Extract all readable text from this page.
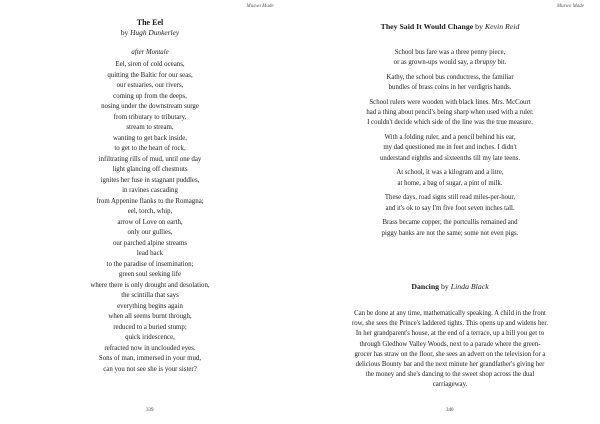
Muswo Made
The Eel
by Hugh Dunkerley
after Montale
Eel, siren of cold oceans,
quitting the Baltic for our seas,
our estuaries, our rivers,
coming up from the deeps,
nosing under the downstream surge
from tributary to tributary,
stream to stream,
wanting to get back inside,
to get to the heart of rock,
infiltrating rills of mud, until one day
light glancing off chestnuts
ignites her fuse in stagnant puddles,
in ravines cascading
from Appenine flanks to the Romagna;
eel, torch, whip,
arrow of Love on earth,
only our gullies,
our parched alpine streams
lead back
to the paradise of insemination;
green soul seeking life
where there is only drought and desolation,
the scintilla that says
everything begins again
when all seems burnt through,
reduced to a buried stump;
quick iridescence,
refracted now in unclouded eyes.
Sons of man, immersed in your mud,
can you not see she is your sister?
339
Muswo Made
They Said It Would Change by Kevin Reid
School bus fare was a three penny piece,
or as grown-ups would say, a thrupny bit.
Kathy, the school bus conductress, the familiar
bundles of brass coins in her verdigris hands.
School rulers were wooden with black lines. Mrs. McCourt
had a thing about pencil's being sharp when used with a ruler.
I couldn't decide which side of the line was the true measure.
With a folding ruler, and a pencil behind his ear,
my dad questioned me in feet and inches. I didn't
understand eighths and sixteenths till my late teens.
At school, it was a kilogram and a litre,
at home, a bag of sugar, a pint of milk.
These days, road signs still read miles-per-hour,
and it's ok to say I'm five foot seven inches tall.
Brass became copper, the portcullis remained and
piggy banks are not the same; some not even pigs.
Dancing by Linda Black
Can be done at any time, mathematically speaking. A child in the front
row, she sees the Prince's laddered tights. This opens up and widens her.
In her grandparent's house, at the end of a terrace, up a hill you get to
through Gledhow Valley Woods, next to a parade where the green-
grocer has straw on the floor, she sees an advert on the television for a
delicious Bounty bar and the next minute her grandfather's giving her
the money and she's dancing to the sweet shop across the dual
carriageway.
340
